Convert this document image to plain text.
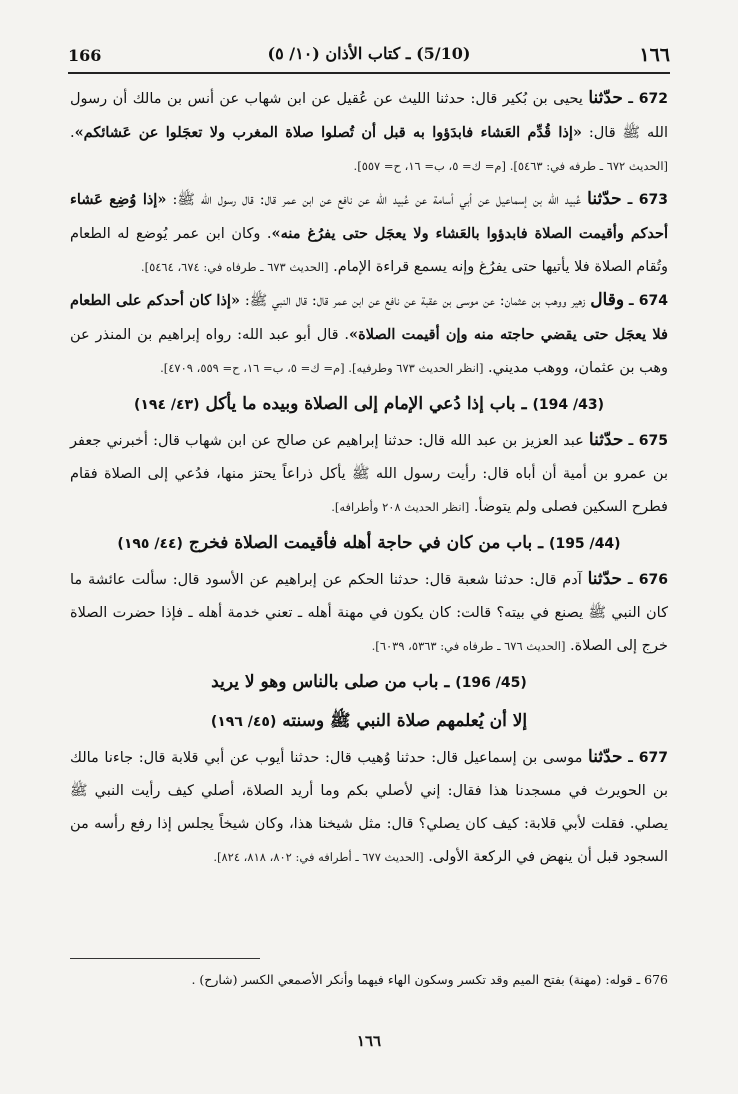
١٦٦
(5/10) ـ كتاب الأذان (١٠/ ٥)
166

672 ـ حدّثنا يحيى بن بُكير قال: حدثنا الليث عن عُقيل عن ابن شهاب عن أنس بن مالك أن رسول الله ﷺ قال: «إذا قُدِّم العَشاء فابدَؤوا به قبل أن تُصلوا صلاة المغرب ولا تعجَلوا عن عَشائكم». [الحديث ٦٧٢ ـ طرفه في: ٥٤٦٣]. [م= ك= ٥، ب= ١٦، ح= ٥٥٧].

673 ـ حدّثنا عُبيد الله بن إسماعيل عن أبي أسامة عن عُبيد الله عن نافع عن ابن عمر قال: قال رسول الله ﷺ: «إذا وُضِع عَشاء أحدكم وأقيمت الصلاة فابدؤوا بالعَشاء ولا يعجَل حتى يفرُغ منه». وكان ابن عمر يُوضع له الطعام وتُقام الصلاة فلا يأتيها حتى يفرُغ وإنه يسمع قراءة الإمام. [الحديث ٦٧٣ ـ طرفاه في: ٦٧٤، ٥٤٦٤].

674 ـ وقال زهير ووهب بن عثمان: عن موسى بن عقبة عن نافع عن ابن عمر قال: قال النبي ﷺ: «إذا كان أحدكم على الطعام فلا يعجَل حتى يقضي حاجته منه وإن أقيمت الصلاة». قال أبو عبد الله: رواه إبراهيم بن المنذر عن وهب بن عثمان، ووهب مديني. [انظر الحديث ٦٧٣ وطرفيه]. [م= ك= ٥، ب= ١٦، ح= ٥٥٩، ٤٧٠٩].

(43/ 194) ـ باب إذا دُعي الإمام إلى الصلاة وبيده ما يأكل (٤٣/ ١٩٤)

675 ـ حدّثنا عبد العزيز بن عبد الله قال: حدثنا إبراهيم عن صالح عن ابن شهاب قال: أخبرني جعفر بن عمرو بن أمية أن أباه قال: رأيت رسول الله ﷺ يأكل ذراعاً يحتز منها، فدُعي إلى الصلاة فقام فطرح السكين فصلى ولم يتوضأ. [انظر الحديث ٢٠٨ وأطرافه].

(44/ 195) ـ باب من كان في حاجة أهله فأقيمت الصلاة فخرج (٤٤/ ١٩٥)

676 ـ حدّثنا آدم قال: حدثنا شعبة قال: حدثنا الحكم عن إبراهيم عن الأسود قال: سألت عائشة ما كان النبي ﷺ يصنع في بيته؟ قالت: كان يكون في مهنة أهله ـ تعني خدمة أهله ـ فإذا حضرت الصلاة خرج إلى الصلاة. [الحديث ٦٧٦ ـ طرفاه في: ٥٣٦٣، ٦٠٣٩].

(45/ 196) ـ باب من صلى بالناس وهو لا يريد
إلا أن يُعلمهم صلاة النبي ﷺ وسنته (٤٥/ ١٩٦)

677 ـ حدّثنا موسى بن إسماعيل قال: حدثنا وُهيب قال: حدثنا أيوب عن أبي قلابة قال: جاءنا مالك بن الحويرث في مسجدنا هذا فقال: إني لأصلي بكم وما أريد الصلاة، أصلي كيف رأيت النبي ﷺ يصلي. فقلت لأبي قلابة: كيف كان يصلي؟ قال: مثل شيخنا هذا، وكان شيخاً يجلس إذا رفع رأسه من السجود قبل أن ينهض في الركعة الأولى. [الحديث ٦٧٧ ـ أطرافه في: ٨٠٢، ٨١٨، ٨٢٤].

676 ـ قوله: (مهنة) بفتح الميم وقد تكسر وسكون الهاء فيهما وأنكر الأصمعي الكسر (شارح) .
١٦٦
